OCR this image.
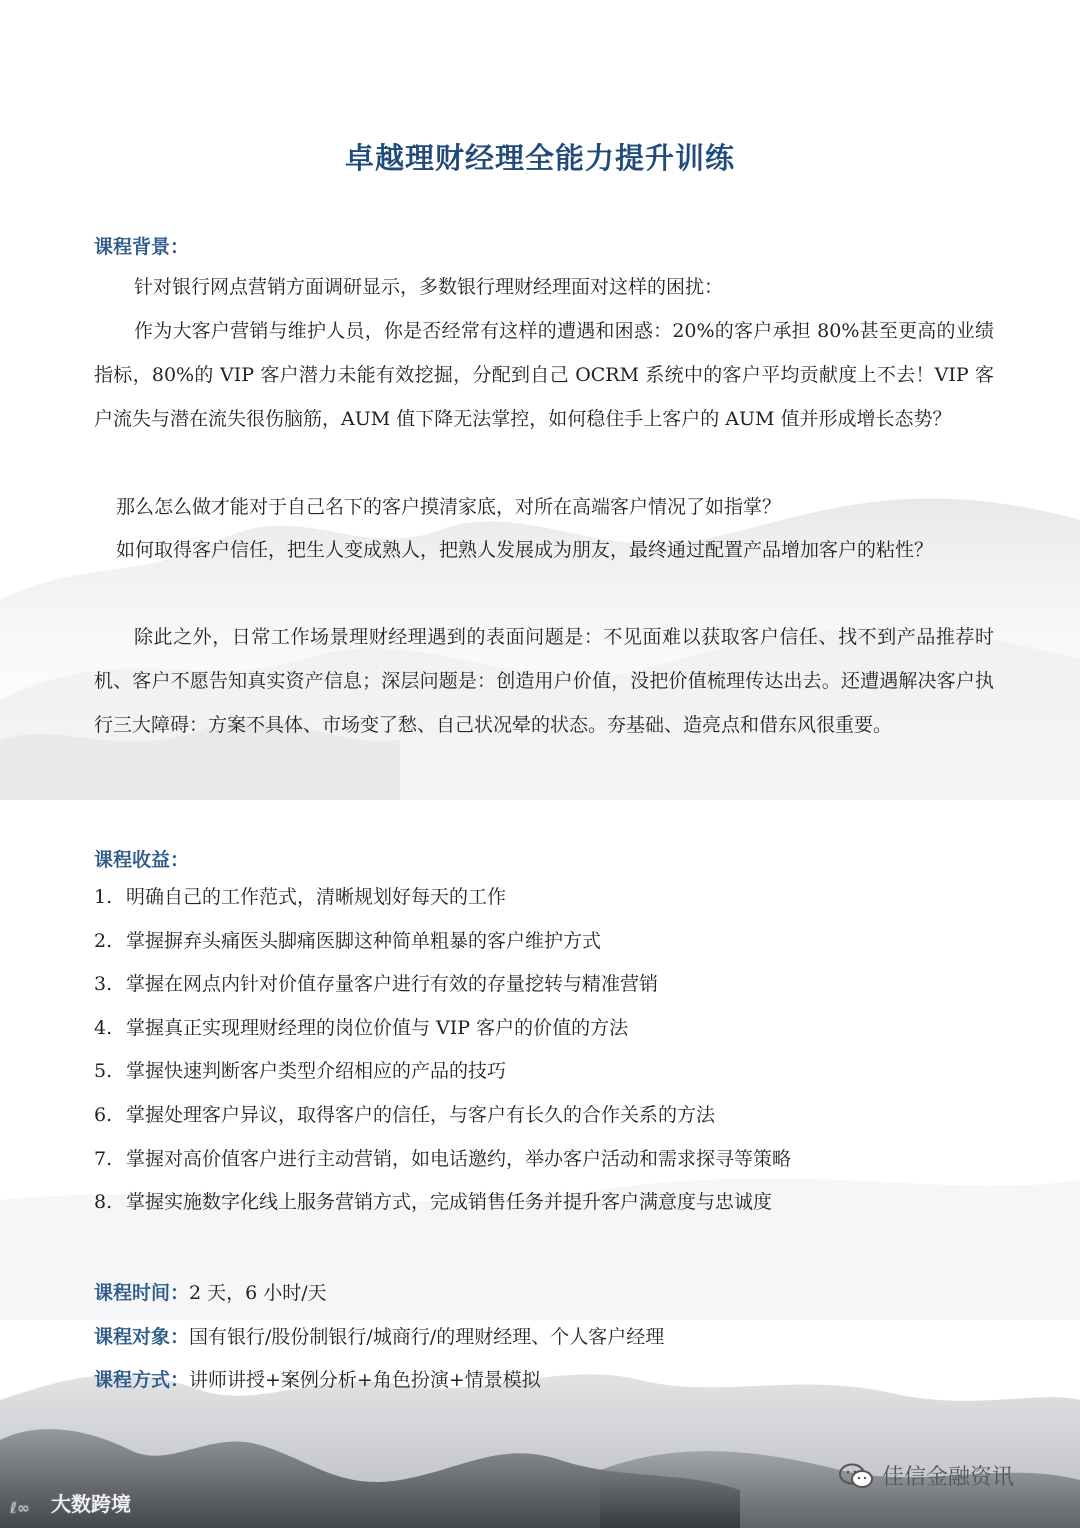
卓越理财经理全能力提升训练
课程背景：
针对银行网点营销方面调研显示，多数银行理财经理面对这样的困扰：
作为大客户营销与维护人员，你是否经常有这样的遭遇和困惑：20%的客户承担 80%甚至更高的业绩指标，80%的 VIP 客户潜力未能有效挖掘，分配到自己 OCRM 系统中的客户平均贡献度上不去！VIP 客户流失与潜在流失很伤脑筋，AUM 值下降无法掌控，如何稳住手上客户的 AUM 值并形成增长态势？
那么怎么做才能对于自己名下的客户摸清家底，对所在高端客户情况了如指掌？
如何取得客户信任，把生人变成熟人，把熟人发展成为朋友，最终通过配置产品增加客户的粘性？
除此之外，日常工作场景理财经理遇到的表面问题是：不见面难以获取客户信任、找不到产品推荐时机、客户不愿告知真实资产信息；深层问题是：创造用户价值，没把价值梳理传达出去。还遭遇解决客户执行三大障碍：方案不具体、市场变了愁、自己状况晕的状态。夯基础、造亮点和借东风很重要。
课程收益：
1. 明确自己的工作范式，清晰规划好每天的工作
2. 掌握摒弃头痛医头脚痛医脚这种简单粗暴的客户维护方式
3. 掌握在网点内针对价值存量客户进行有效的存量挖转与精准营销
4. 掌握真正实现理财经理的岗位价值与 VIP 客户的价值的方法
5. 掌握快速判断客户类型介绍相应的产品的技巧
6. 掌握处理客户异议，取得客户的信任，与客户有长久的合作关系的方法
7. 掌握对高价值客户进行主动营销，如电话邀约，举办客户活动和需求探寻等策略
8. 掌握实施数字化线上服务营销方式，完成销售任务并提升客户满意度与忠诚度
课程时间：2 天，6 小时/天
课程对象：国有银行/股份制银行/城商行/的理财经理、个人客户经理
课程方式：讲师讲授+案例分析+角色扮演+情景模拟
ℓ∞ 大数跨境
佳信金融资讯
